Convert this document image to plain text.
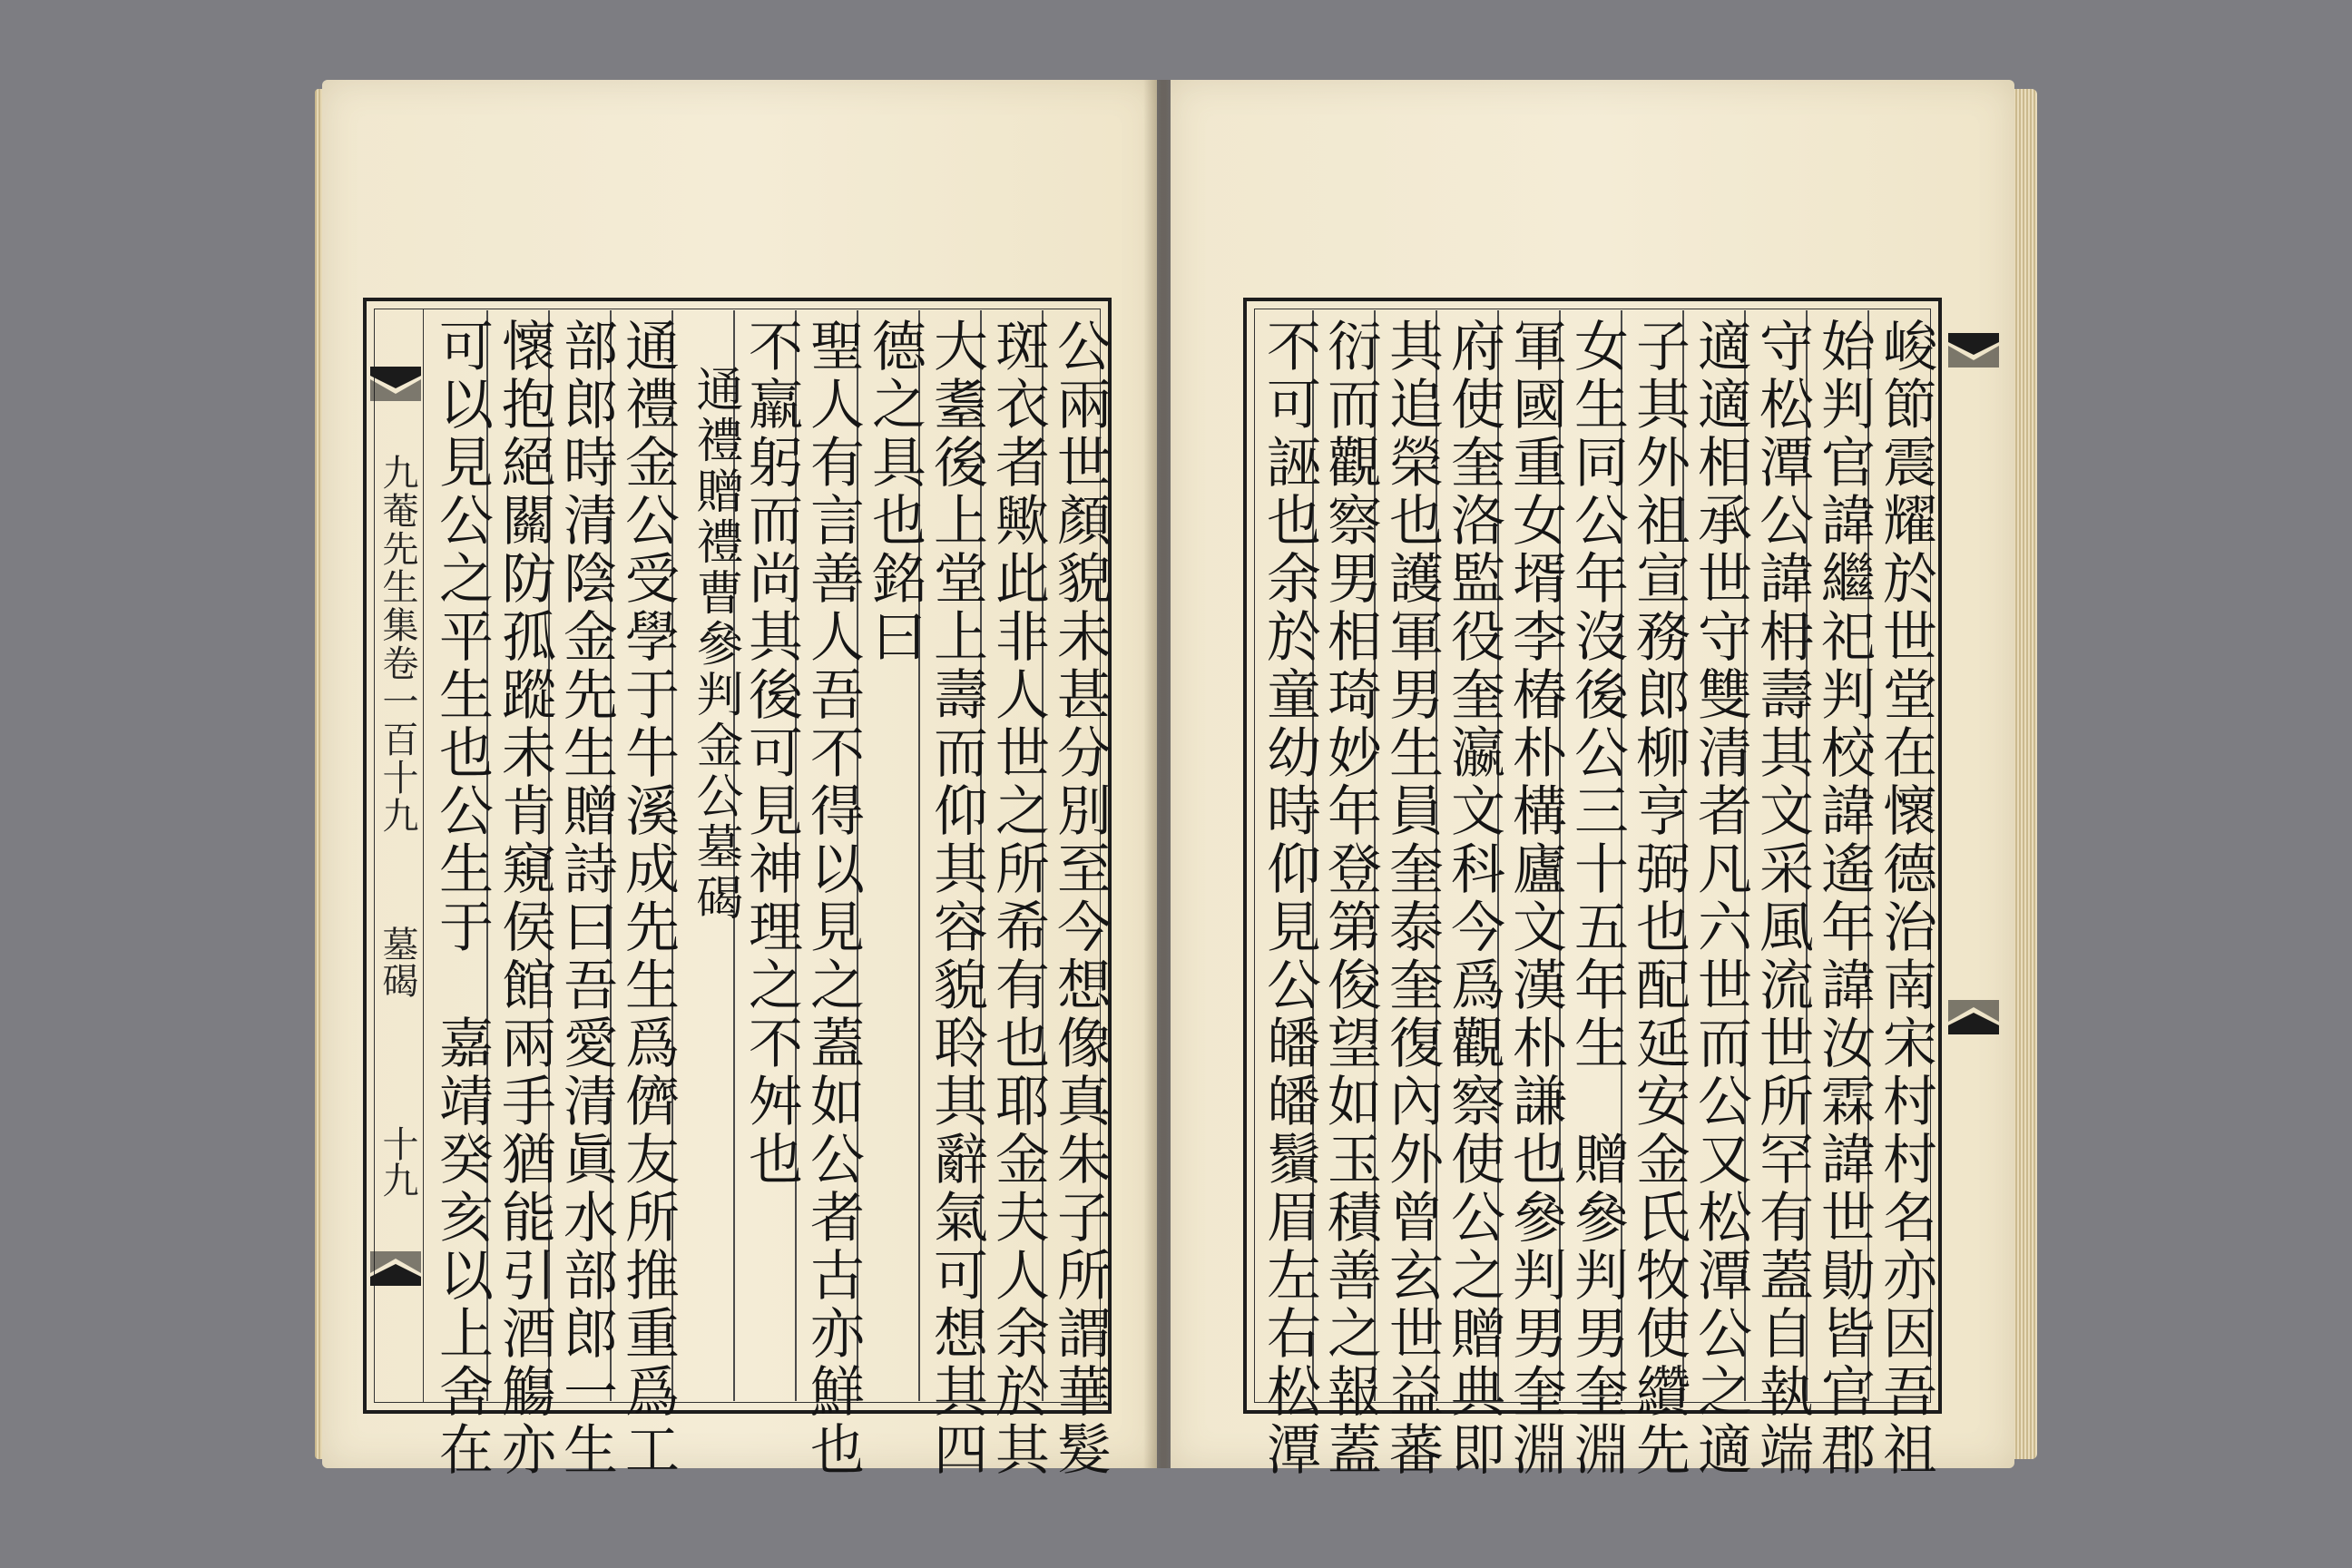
九菴先生集卷一百十九
墓碣
十九	公兩世顏貌未甚分別至今想像真朱子所謂華髮
斑衣者歟此非人世之所希有也耶金夫人余於其
大耋後上堂上壽而仰其容貌聆其辭氣可想其四
德之具也銘曰
聖人有言善人吾不得以見之蓋如公者古亦鮮也
不羸躬而尚其後可見神理之不舛也
通禮贈禮曹參判金公墓碣
通禮金公受學于牛溪成先生爲儕友所推重爲工
部郎時清陰金先生贈詩曰吾愛清眞水部郎一生
懷抱絕關防孤蹤未肯窺侯館兩手猶能引酒觴亦
可以見公之平生也公生于　嘉靖癸亥以上舍在	峻節震耀於世堂在懷德治南宋村村名亦因吾祖
始判官諱繼祀判校諱遙年諱汝霖諱世勛皆官郡
守松潭公諱枏壽其文采風流世所罕有蓋自執端
適適相承世守雙清者凡六世而公又松潭公之適
子其外祖宣務郎柳亨弼也配延安金氏牧使纘先
女生同公年沒後公三十五年生　贈參判男奎淵
軍國重女壻李椿朴構廬文漢朴謙也參判男奎淵
府使奎洛監役奎瀛文科今爲觀察使公之贈典即
其追榮也護軍男生員奎泰奎復內外曾玄世益蕃
衍而觀察男相琦妙年登第俊望如玉積善之報蓋
不可誣也余於童幼時仰見公皤皤鬚眉左右松潭
